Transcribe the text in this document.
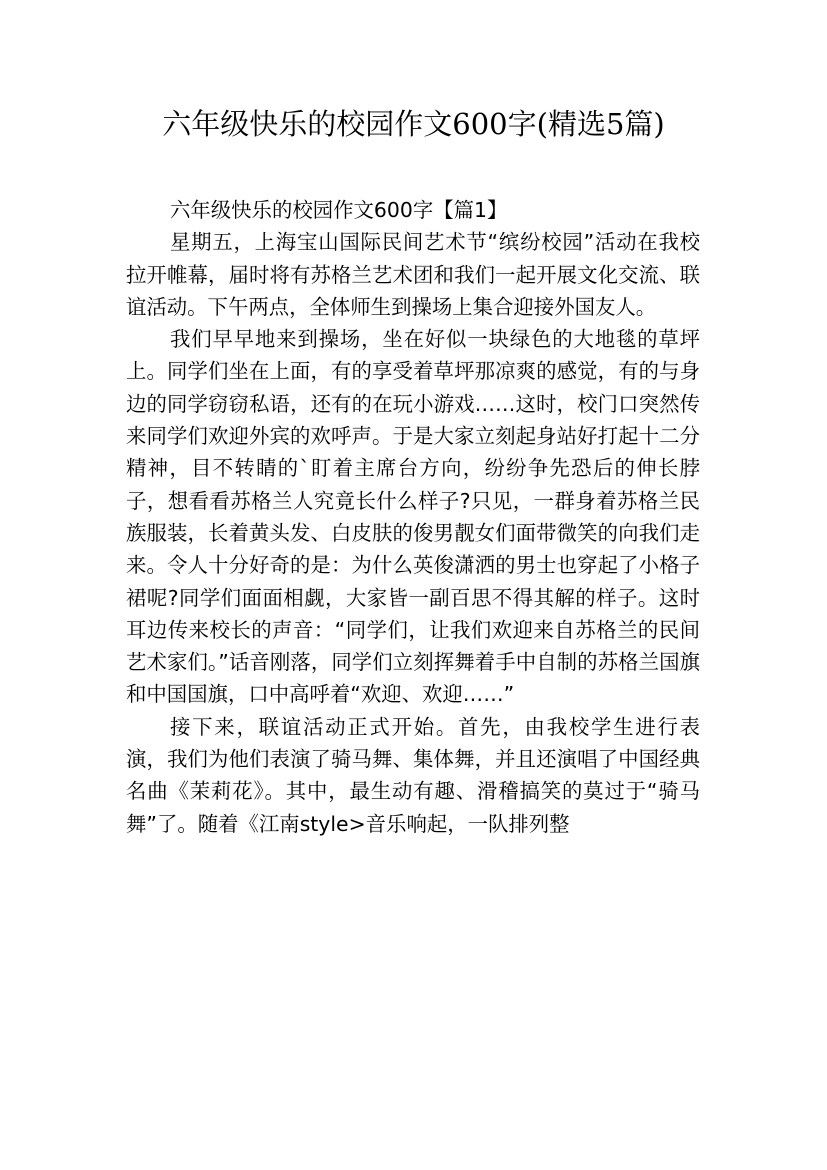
六年级快乐的校园作文600字(精选5篇)

六年级快乐的校园作文600字【篇1】

星期五，上海宝山国际民间艺术节“缤纷校园”活动在我校拉开帷幕，届时将有苏格兰艺术团和我们一起开展文化交流、联谊活动。下午两点，全体师生到操场上集合迎接外国友人。

我们早早地来到操场，坐在好似一块绿色的大地毯的草坪上。同学们坐在上面，有的享受着草坪那凉爽的感觉，有的与身边的同学窃窃私语，还有的在玩小游戏……这时，校门口突然传来同学们欢迎外宾的欢呼声。于是大家立刻起身站好打起十二分精神，目不转睛的`盯着主席台方向，纷纷争先恐后的伸长脖子，想看看苏格兰人究竟长什么样子?只见，一群身着苏格兰民族服装，长着黄头发、白皮肤的俊男靓女们面带微笑的向我们走来。令人十分好奇的是：为什么英俊潇洒的男士也穿起了小格子裙呢?同学们面面相觑，大家皆一副百思不得其解的样子。这时耳边传来校长的声音：“同学们，让我们欢迎来自苏格兰的民间艺术家们。”话音刚落，同学们立刻挥舞着手中自制的苏格兰国旗和中国国旗，口中高呼着“欢迎、欢迎……”

接下来，联谊活动正式开始。首先，由我校学生进行表演，我们为他们表演了骑马舞、集体舞，并且还演唱了中国经典名曲《茉莉花》。其中，最生动有趣、滑稽搞笑的莫过于“骑马舞”了。随着《江南style>音乐响起，一队排列整
